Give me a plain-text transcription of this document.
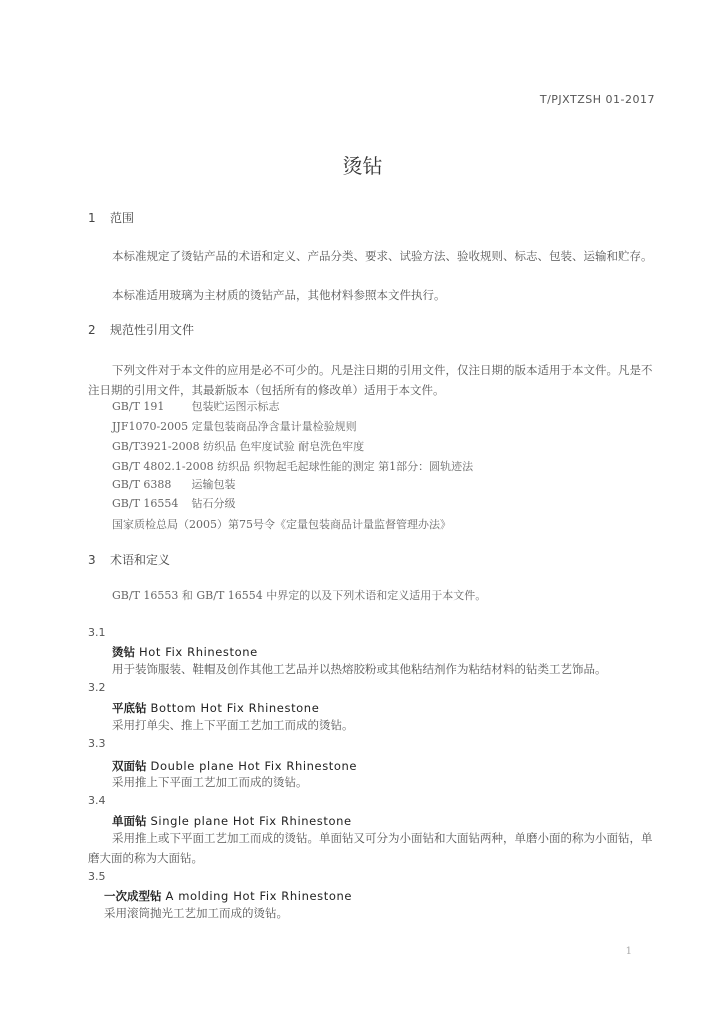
T/PJXTZSH 01-2017
烫钻
1 范围
本标准规定了烫钻产品的术语和定义、产品分类、要求、试验方法、验收规则、标志、包装、运输和贮存。
本标准适用玻璃为主材质的烫钻产品，其他材料参照本文件执行。
2 规范性引用文件
下列文件对于本文件的应用是必不可少的。凡是注日期的引用文件，仅注日期的版本适用于本文件。凡是不注日期的引用文件，其最新版本（包括所有的修改单）适用于本文件。
GB/T 191 包装贮运图示标志
JJF1070-2005 定量包装商品净含量计量检验规则
GB/T3921-2008 纺织品 色牢度试验 耐皂洗色牢度
GB/T 4802.1-2008 纺织品 织物起毛起球性能的测定 第1部分：圆轨迹法
GB/T 6388 运输包装
GB/T 16554 钻石分级
国家质检总局（2005）第75号令《定量包装商品计量监督管理办法》
3 术语和定义
GB/T 16553 和 GB/T 16554 中界定的以及下列术语和定义适用于本文件。
3.1
烫钻 Hot Fix Rhinestone
用于装饰服装、鞋帽及创作其他工艺品并以热熔胶粉或其他粘结剂作为粘结材料的钻类工艺饰品。
3.2
平底钻 Bottom Hot Fix Rhinestone
采用打单尖、推上下平面工艺加工而成的烫钻。
3.3
双面钻 Double plane Hot Fix Rhinestone
采用推上下平面工艺加工而成的烫钻。
3.4
单面钻 Single plane Hot Fix Rhinestone
采用推上或下平面工艺加工而成的烫钻。单面钻又可分为小面钻和大面钻两种，单磨小面的称为小面钻，单磨大面的称为大面钻。
3.5
一次成型钻 A molding Hot Fix Rhinestone
采用滚筒抛光工艺加工而成的烫钻。
1
